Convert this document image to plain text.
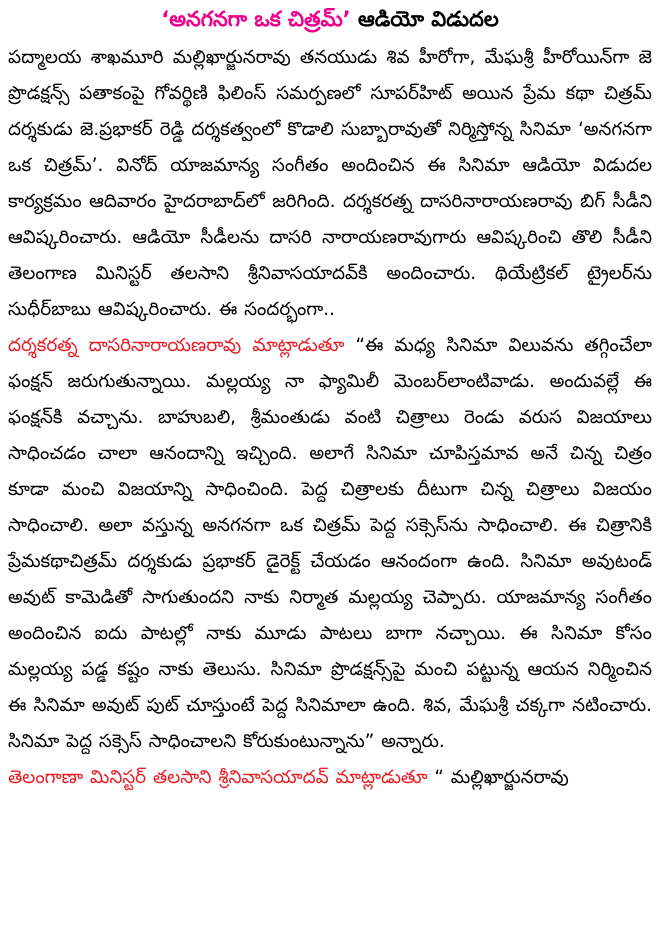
‘అనగనగా ఒక చిత్రమ్’ ఆడియో విడుదల

పద్మాలయ శాఖమూరి మల్లిఖార్జునరావు తనయుడు శివ హీరోగా, మేఘశ్రీ హీరోయిన్‌గా జె ప్రొడక్షన్స్ పతాకంపై గోవర్థిణి ఫిలింస్ సమర్పణలో సూపర్‌హిట్ అయిన ప్రేమ కథా చిత్రమ్ దర్శకుడు జె.ప్రభాకర్ రెడ్డి దర్శకత్వంలో కొడాలి సుబ్బారావుతో నిర్మిస్తోన్న సినిమా ‘అనగనగా ఒక చిత్రమ్’. వినోద్ యాజమాన్య సంగీతం అందించిన ఈ సినిమా ఆడియో విడుదల కార్యక్రమం ఆదివారం హైదరాబాద్‌లో జరిగింది. దర్శకరత్న దాసరినారాయణరావు బిగ్ సీడీని ఆవిష్కరించారు. ఆడియో సీడీలను దాసరి నారాయణరావుగారు ఆవిష్కరించి తొలి సీడీని తెలంగాణ మినిస్టర్ తలసాని శ్రీనివాసయాదవ్‌కి అందించారు. థియేట్రికల్ ట్రైలర్‌ను సుధీర్‌బాబు ఆవిష్కరించారు. ఈ సందర్భంగా..

దర్శకరత్న దాసరినారాయణరావు మాట్లాడుతూ “ఈ మధ్య సినిమా విలువను తగ్గించేలా ఫంక్షన్ జరుగుతున్నాయి. మల్లయ్య నా ఫ్యామిలీ మెంబర్‌లాంటివాడు. అందువల్లే ఈ ఫంక్షన్‌కి వచ్చాను. బాహుబలి, శ్రీమంతుడు వంటి చిత్రాలు రెండు వరుస విజయాలు సాధించడం చాలా ఆనందాన్ని ఇచ్చింది. అలాగే సినిమా చూపిస్తమావ అనే చిన్న చిత్రం కూడా మంచి విజయాన్ని సాధించింది. పెద్ద చిత్రాలకు దీటుగా చిన్న చిత్రాలు విజయం సాధించాలి. అలా వస్తున్న అనగనగా ఒక చిత్రమ్ పెద్ద సక్సెస్‌ను సాధించాలి. ఈ చిత్రానికి ప్రేమకథాచిత్రమ్ దర్శకుడు ప్రభాకర్ డైరెక్ట్ చేయడం ఆనందంగా ఉంది. సినిమా అవుటండ్ అవుట్ కామెడితో సాగుతుందని నాకు నిర్మాత మల్లయ్య చెప్పారు. యాజమాన్య సంగీతం అందించిన ఐదు పాటల్లో నాకు మూడు పాటలు బాగా నచ్చాయి. ఈ సినిమా కోసం మల్లయ్య పడ్డ కష్టం నాకు తెలుసు. సినిమా ప్రొడక్షన్స్‌పై మంచి పట్టున్న ఆయన నిర్మించిన ఈ సినిమా అవుట్ పుట్ చూస్తుంటే పెద్ద సినిమాలా ఉంది. శివ, మేఘశ్రీ చక్కగా నటించారు. సినిమా పెద్ద సక్సెస్ సాధించాలని కోరుకుంటున్నాను” అన్నారు.

తెలంగాణా మినిస్టర్ తలసాని శ్రీనివాసయాదవ్ మాట్లాడుతూ “ మల్లిఖార్జునరావు
